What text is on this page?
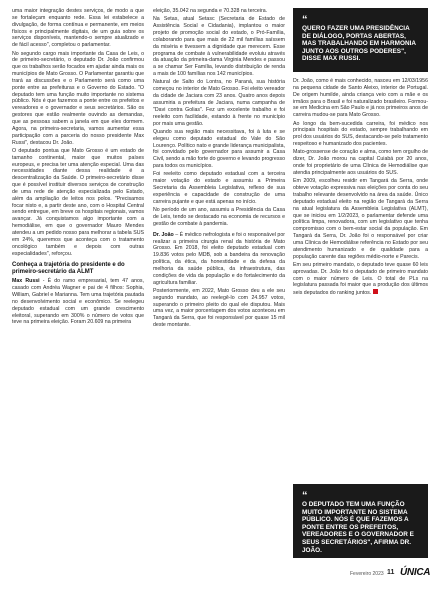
uma maior integração destes serviços, de modo a que se fortaleçam enquanto rede. Essa lei estabelece a divulgação, de forma contínua e permanente, em meios físicos e principalmente digitais, de um guia sobre os serviços disponíveis, mantendo-o sempre atualizado e de fácil acesso", completou o parlamentar.

No segundo cargo mais importante da Casa de Leis, o de primeiro-secretário, o deputado Dr. João confirmou que os trabalhos serão focados em ajudar ainda mais os municípios de Mato Grosso. O Parlamentar garantiu que trará as discussões e o Parlamento será como uma ponte entre as prefeituras e o Governo do Estado. "O deputado tem uma função muito importante no sistema público. Nós é que fazemos a ponte entre os prefeitos e vereadores e o governador e seus secretários. São os gestores que estão realmente ouvindo as demandas, que as pessoas sabem a janela em que eles dormem. Agora, na primeira-secretaria, vamos aumentar essa participação com a parceria do nosso presidente Max Russi", destacou Dr. João.

O deputado pontua que Mato Grosso é um estado de tamanho continental, maior que muitos países europeus, e precisa ter uma atenção especial. Uma das necessidades diante dessa realidade é a descentralização da Saúde. O primeiro-secretário disse que é possível instituir diversos serviços de construção de uma rede de atenção especializada pelo Estado, além da ampliação de leitos nos polos. "Precisamos focar nisto e, a partir deste ano, com o Hospital Central sendo entregue, em breve os hospitais regionais, vamos avançar. Já conquistamos algo importante com a hemodiálise, em que o governador Mauro Mendes atendeu a um pedido nosso para melhorar a tabela SUS em 24%, queremos que aconteça com o tratamento oncológico também e depois com outras especialidades", reforçou.

Conheça a trajetória do presidente e do primeiro-secretário da ALMT

Max Russi - É do ramo empresarial, tem 47 anos, casado com Andréa Wagner e pai de 4 filhos: Sophia, William, Gabriel e Marianna. Tem uma trajetória pautada no desenvolvimento social e econômico. Se reelegeu deputado estadual com um grande crescimento eleitoral, superando em 300% o número de votos que teve na primeira eleição. Foram 20.609 na primeira

eleição, 35.042 na segunda e 70.328 na terceira.

Na Setas, atual Setasc (Secretaria de Estado de Assistência Social e Cidadania), implantou o maior projeto de promoção social do estado, o Pró-Família, colaborando para que mais de 22 mil famílias saíssem da miséria e tivessem a dignidade que merecem. Esse programa de combate à vulnerabilidade evoluiu através da atuação da primeira-dama Virginia Mendes e passou a se chamar Ser Família, levando distribuição de renda a mais de 100 famílias nos 142 municípios.

Natural de Salto do Lontra, no Paraná, sua história começou no interior de Mato Grosso. Foi eleito vereador da cidade de Jaciara com 23 anos. Quatro anos depois assumiria a prefeitura de Jaciara, numa campanha de "Davi contra Golias". Fez um excelente trabalho e foi reeleito com facilidade, estando à frente no município por mais uma gestão.

Quando sua região mais necessitava, foi à luta e se elegeu como deputado estadual do Vale do São Lourenço. Político nato e grande liderança municipalista, foi convidado pelo governador para assumir a Casa Civil, sendo a mão forte do governo e levando progresso para todos os municípios.

Foi reeleito como deputado estadual com a terceira maior votação do estado e assumiu a Primeira Secretaria da Assembleia Legislativa, reflexo de sua experiência e capacidade de construção de uma carreira pujante e que está apenas no início.

No período de um ano, assumiu a Presidência da Casa de Leis, tendo se destacado na economia de recursos e gestão de combate à pandemia.

Dr. João – É médico nefrologista e foi o responsável por realizar a primeira cirurgia renal da história de Mato Grosso. Em 2018, foi eleito deputado estadual com 19.836 votos pelo MDB, sob a bandeira da renovação política, da ética, da honestidade e da defesa da melhoria da saúde pública, da infraestrutura, das condições de vida da população e do fortalecimento da agricultura familiar.

Posteriormente, em 2022, Mato Grosso deu a ele seu segundo mandato, ao reelegê-lo com 24.957 votos, superando o primeiro pleito do qual ele disputou. Mais uma vez, a maior porcentagem dos votos aconteceu em Tangará da Serra, que foi responsável por quase 15 mil deste montante.

“
QUERO FAZER UMA PRESIDÊNCIA DE DIÁLOGO, PORTAS ABERTAS, MAS TRABALHANDO EM HARMONIA JUNTO AOS OUTROS PODERES", DISSE MAX RUSSI.

Dr. João, como é mais conhecido, nasceu em 12/03/1956 na pequena cidade de Santo Aleixo, interior de Portugal. De origem humilde, ainda criança veio com a mãe e os irmãos para o Brasil e foi naturalizado brasileiro. Formou-se em Medicina em São Paulo e já nos primeiros anos de carreira mudou-se para Mato Grosso.

Ao longo da bem-sucedida carreira, foi médico nos principais hospitais do estado, sempre trabalhando em prol dos usuários do SUS, destacando-se pelo tratamento respeitoso e humanizado dos pacientes.

Mato-grossense de coração e alma, como tem orgulho de dizer, Dr. João morou na capital Cuiabá por 20 anos, onde foi proprietário de uma Clínica de Hemodiálise que atendia principalmente aos usuários do SUS.

Em 2009, escolheu residir em Tangará da Serra, onde obteve votação expressiva nas eleições por conta do seu trabalho relevante desenvolvido na área da saúde. Único deputado estadual eleito na região de Tangará da Serra na atual legislatura da Assembleia Legislativa (ALMT), que se iniciou em 1/2/2023, o parlamentar defende uma política limpa, renovadora, com um legislativo que tenha compromisso com o bem-estar social da população. Em Tangará da Serra, Dr. João foi o responsável por criar uma Clínica de Hemodiálise referência no Estado por seu atendimento humanizado e de qualidade para a população carente das regiões médio-norte e Parecis.

Em seu primeiro mandato, o deputado teve quase 60 leis aprovadas. Dr. João foi o deputado de primeiro mandato com o maior número de Leis. O total de PLs na legislatura passada foi maior que a produção dos últimos seis deputados do ranking juntos.

“
O DEPUTADO TEM UMA FUNÇÃO MUITO IMPORTANTE NO SISTEMA PÚBLICO. NÓS É QUE FAZEMOS A PONTE ENTRE OS PREFEITOS, VEREADORES E O GOVERNADOR E SEUS SECRETÁRIOS", AFIRMA DR. JOÃO.
Fevereiro 2023 11 ÚNICA
